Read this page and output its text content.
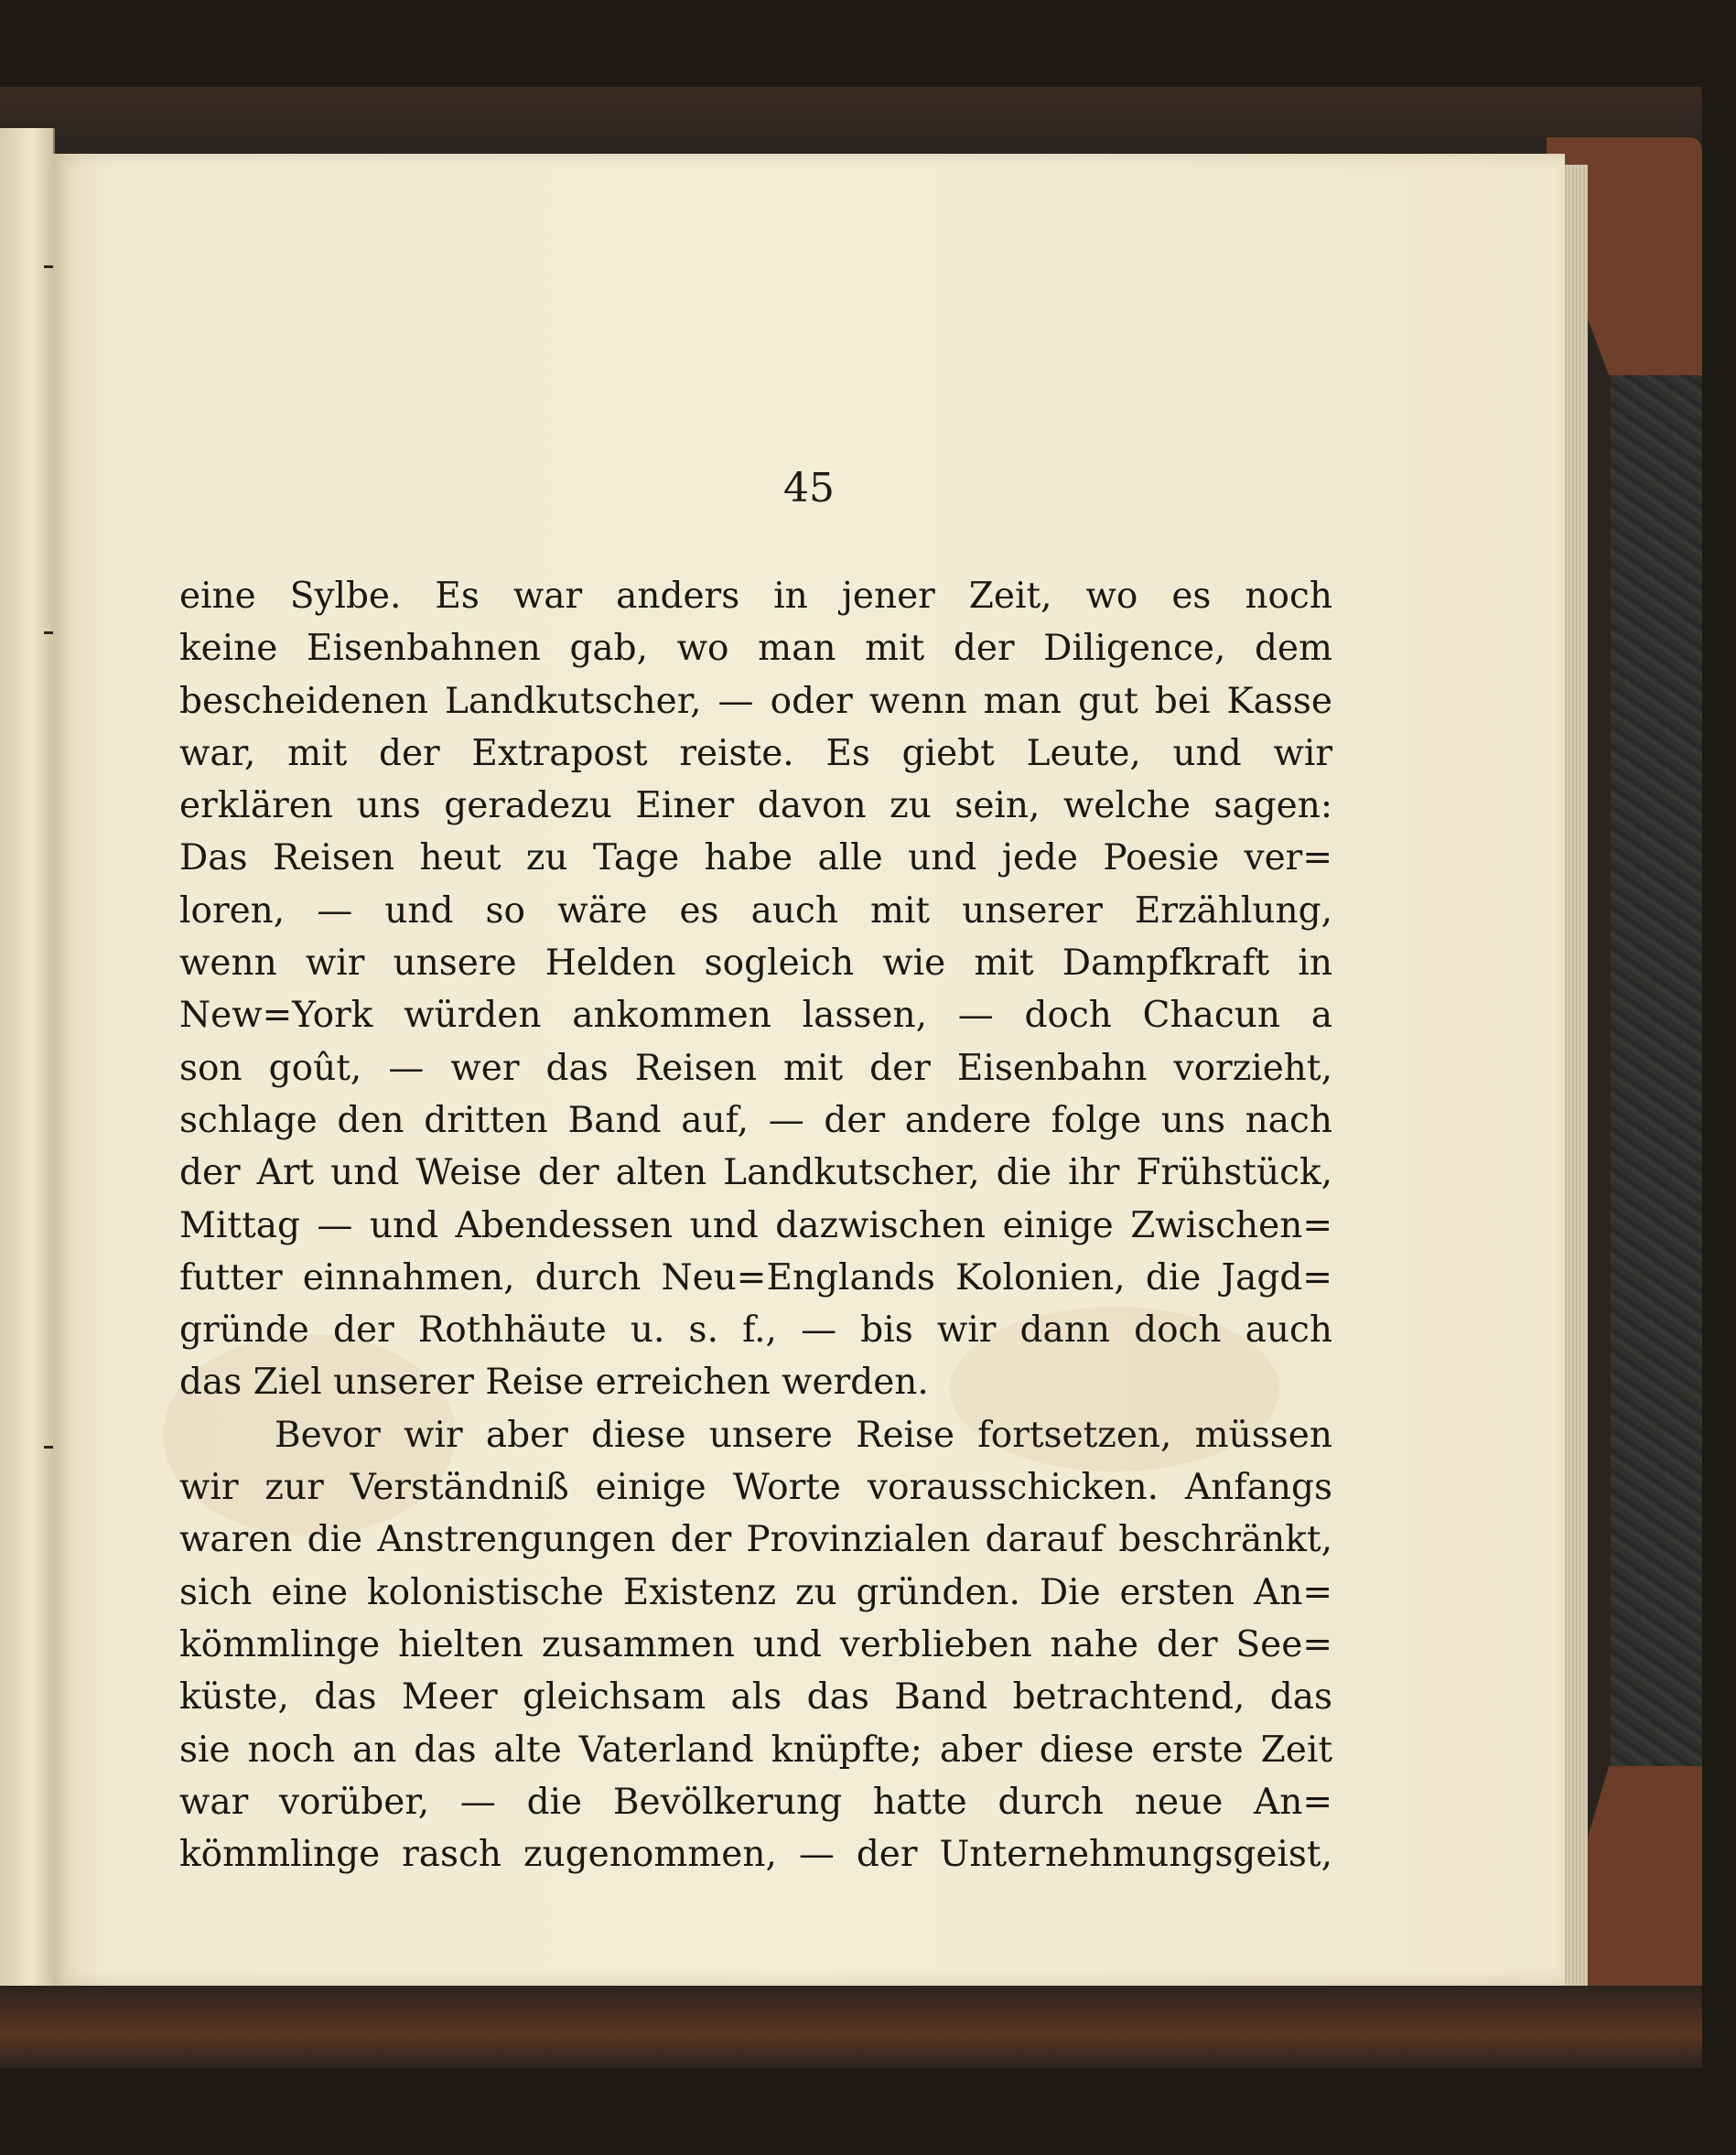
45
eine Sylbe. Es war anders in jener Zeit, wo es noch
keine Eisenbahnen gab, wo man mit der Diligence, dem
bescheidenen Landkutscher, — oder wenn man gut bei Kasse
war, mit der Extrapost reiste. Es giebt Leute, und wir
erklären uns geradezu Einer davon zu sein, welche sagen:
Das Reisen heut zu Tage habe alle und jede Poesie ver=
loren, — und so wäre es auch mit unserer Erzählung,
wenn wir unsere Helden sogleich wie mit Dampfkraft in
New=York würden ankommen lassen, — doch Chacun a
son goût, — wer das Reisen mit der Eisenbahn vorzieht,
schlage den dritten Band auf, — der andere folge uns nach
der Art und Weise der alten Landkutscher, die ihr Frühstück,
Mittag — und Abendessen und dazwischen einige Zwischen=
futter einnahmen, durch Neu=Englands Kolonien, die Jagd=
gründe der Rothhäute u. s. f., — bis wir dann doch auch
das Ziel unserer Reise erreichen werden.
Bevor wir aber diese unsere Reise fortsetzen, müssen
wir zur Verständniß einige Worte vorausschicken. Anfangs
waren die Anstrengungen der Provinzialen darauf beschränkt,
sich eine kolonistische Existenz zu gründen. Die ersten An=
kömmlinge hielten zusammen und verblieben nahe der See=
küste, das Meer gleichsam als das Band betrachtend, das
sie noch an das alte Vaterland knüpfte; aber diese erste Zeit
war vorüber, — die Bevölkerung hatte durch neue An=
kömmlinge rasch zugenommen, — der Unternehmungsgeist,
